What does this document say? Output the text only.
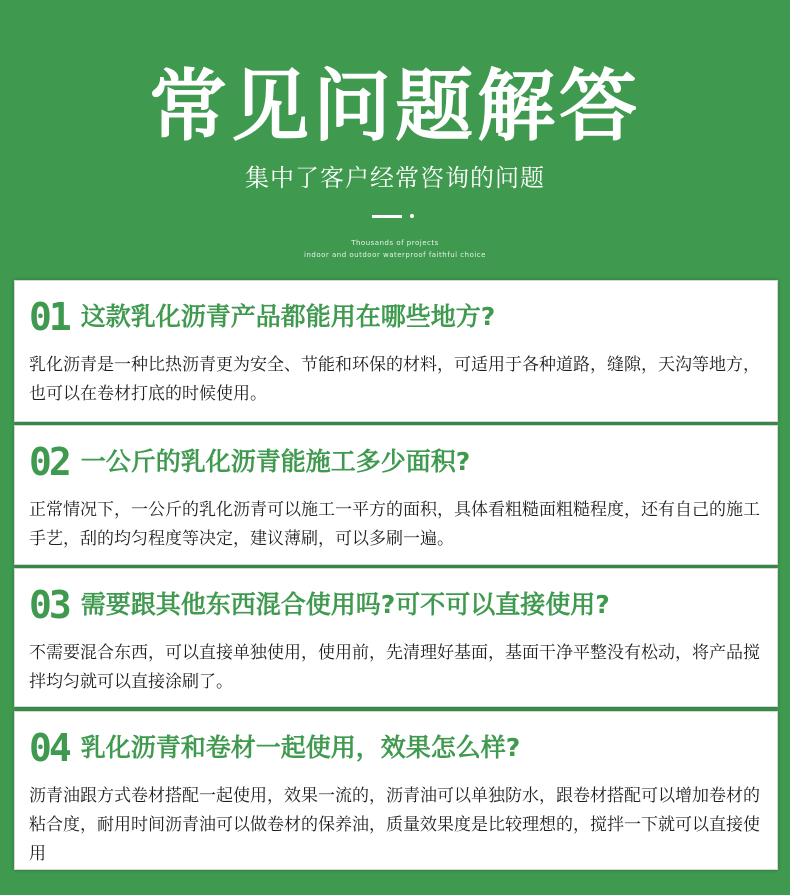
常见问题解答
集中了客户经常咨询的问题
Thousands of projects
indoor and outdoor waterproof faithful choice
01 这款乳化沥青产品都能用在哪些地方?
乳化沥青是一种比热沥青更为安全、节能和环保的材料，可适用于各种道路，缝隙，天沟等地方，也可以在卷材打底的时候使用。
02 一公斤的乳化沥青能施工多少面积?
正常情况下，一公斤的乳化沥青可以施工一平方的面积，具体看粗糙面粗糙程度，还有自己的施工手艺，刮的均匀程度等决定，建议薄刷，可以多刷一遍。
03 需要跟其他东西混合使用吗?可不可以直接使用?
不需要混合东西，可以直接单独使用，使用前，先清理好基面，基面干净平整没有松动，将产品搅拌均匀就可以直接涂刷了。
04 乳化沥青和卷材一起使用，效果怎么样?
沥青油跟方式卷材搭配一起使用，效果一流的，沥青油可以单独防水，跟卷材搭配可以增加卷材的粘合度，耐用时间沥青油可以做卷材的保养油，质量效果度是比较理想的，搅拌一下就可以直接使用
